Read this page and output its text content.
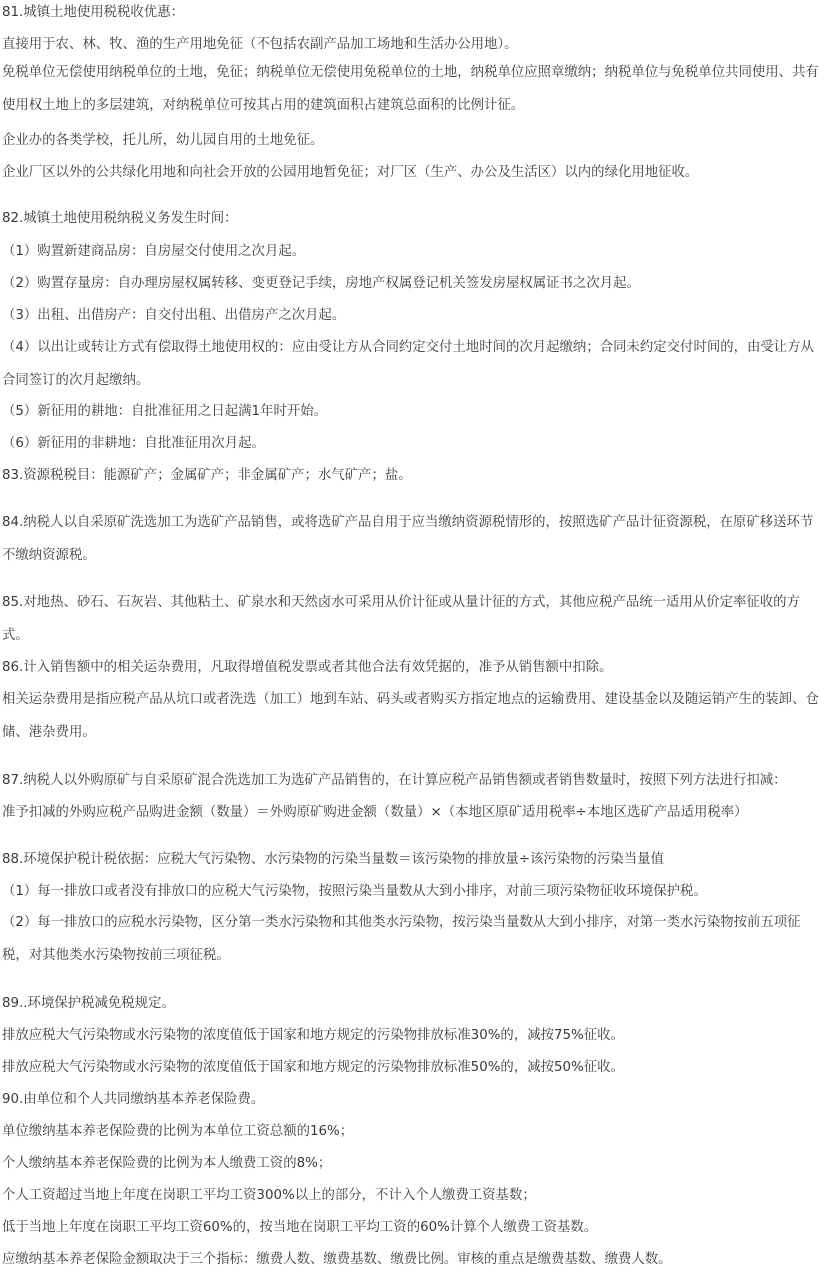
81.城镇土地使用税税收优惠：
直接用于农、林、牧、渔的生产用地免征（不包括农副产品加工场地和生活办公用地）。
免税单位无偿使用纳税单位的土地，免征；纳税单位无偿使用免税单位的土地，纳税单位应照章缴纳；纳税单位与免税单位共同使用、共有使用权土地上的多层建筑，对纳税单位可按其占用的建筑面积占建筑总面积的比例计征。
企业办的各类学校，托儿所，幼儿园自用的土地免征。
企业厂区以外的公共绿化用地和向社会开放的公园用地暂免征；对厂区（生产、办公及生活区）以内的绿化用地征收。
82.城镇土地使用税纳税义务发生时间：
（1）购置新建商品房：自房屋交付使用之次月起。
（2）购置存量房：自办理房屋权属转移、变更登记手续，房地产权属登记机关签发房屋权属证书之次月起。
（3）出租、出借房产：自交付出租、出借房产之次月起。
（4）以出让或转让方式有偿取得土地使用权的：应由受让方从合同约定交付土地时间的次月起缴纳；合同未约定交付时间的，由受让方从合同签订的次月起缴纳。
（5）新征用的耕地：自批准征用之日起满1年时开始。
（6）新征用的非耕地：自批准征用次月起。
83.资源税税目：能源矿产；金属矿产；非金属矿产；水气矿产；盐。
84.纳税人以自采原矿洗选加工为选矿产品销售，或将选矿产品自用于应当缴纳资源税情形的，按照选矿产品计征资源税，在原矿移送环节不缴纳资源税。
85.对地热、砂石、石灰岩、其他粘土、矿泉水和天然卤水可采用从价计征或从量计征的方式，其他应税产品统一适用从价定率征收的方式。
86.计入销售额中的相关运杂费用，凡取得增值税发票或者其他合法有效凭据的，准予从销售额中扣除。
相关运杂费用是指应税产品从坑口或者洗选（加工）地到车站、码头或者购买方指定地点的运输费用、建设基金以及随运销产生的装卸、仓储、港杂费用。
87.纳税人以外购原矿与自采原矿混合洗选加工为选矿产品销售的，在计算应税产品销售额或者销售数量时，按照下列方法进行扣减：
准予扣减的外购应税产品购进金额（数量）＝外购原矿购进金额（数量）×（本地区原矿适用税率÷本地区选矿产品适用税率）
88.环境保护税计税依据：应税大气污染物、水污染物的污染当量数＝该污染物的排放量÷该污染物的污染当量值
（1）每一排放口或者没有排放口的应税大气污染物，按照污染当量数从大到小排序，对前三项污染物征收环境保护税。
（2）每一排放口的应税水污染物，区分第一类水污染物和其他类水污染物，按污染当量数从大到小排序，对第一类水污染物按前五项征税，对其他类水污染物按前三项征税。
89..环境保护税减免税规定。
排放应税大气污染物或水污染物的浓度值低于国家和地方规定的污染物排放标准30%的，减按75%征收。
排放应税大气污染物或水污染物的浓度值低于国家和地方规定的污染物排放标准50%的，减按50%征收。
90.由单位和个人共同缴纳基本养老保险费。
单位缴纳基本养老保险费的比例为本单位工资总额的16%；
个人缴纳基本养老保险费的比例为本人缴费工资的8%；
个人工资超过当地上年度在岗职工平均工资300%以上的部分，不计入个人缴费工资基数；
低于当地上年度在岗职工平均工资60%的，按当地在岗职工平均工资的60%计算个人缴费工资基数。
应缴纳基本养老保险金额取决于三个指标：缴费人数、缴费基数、缴费比例。审核的重点是缴费基数、缴费人数。
